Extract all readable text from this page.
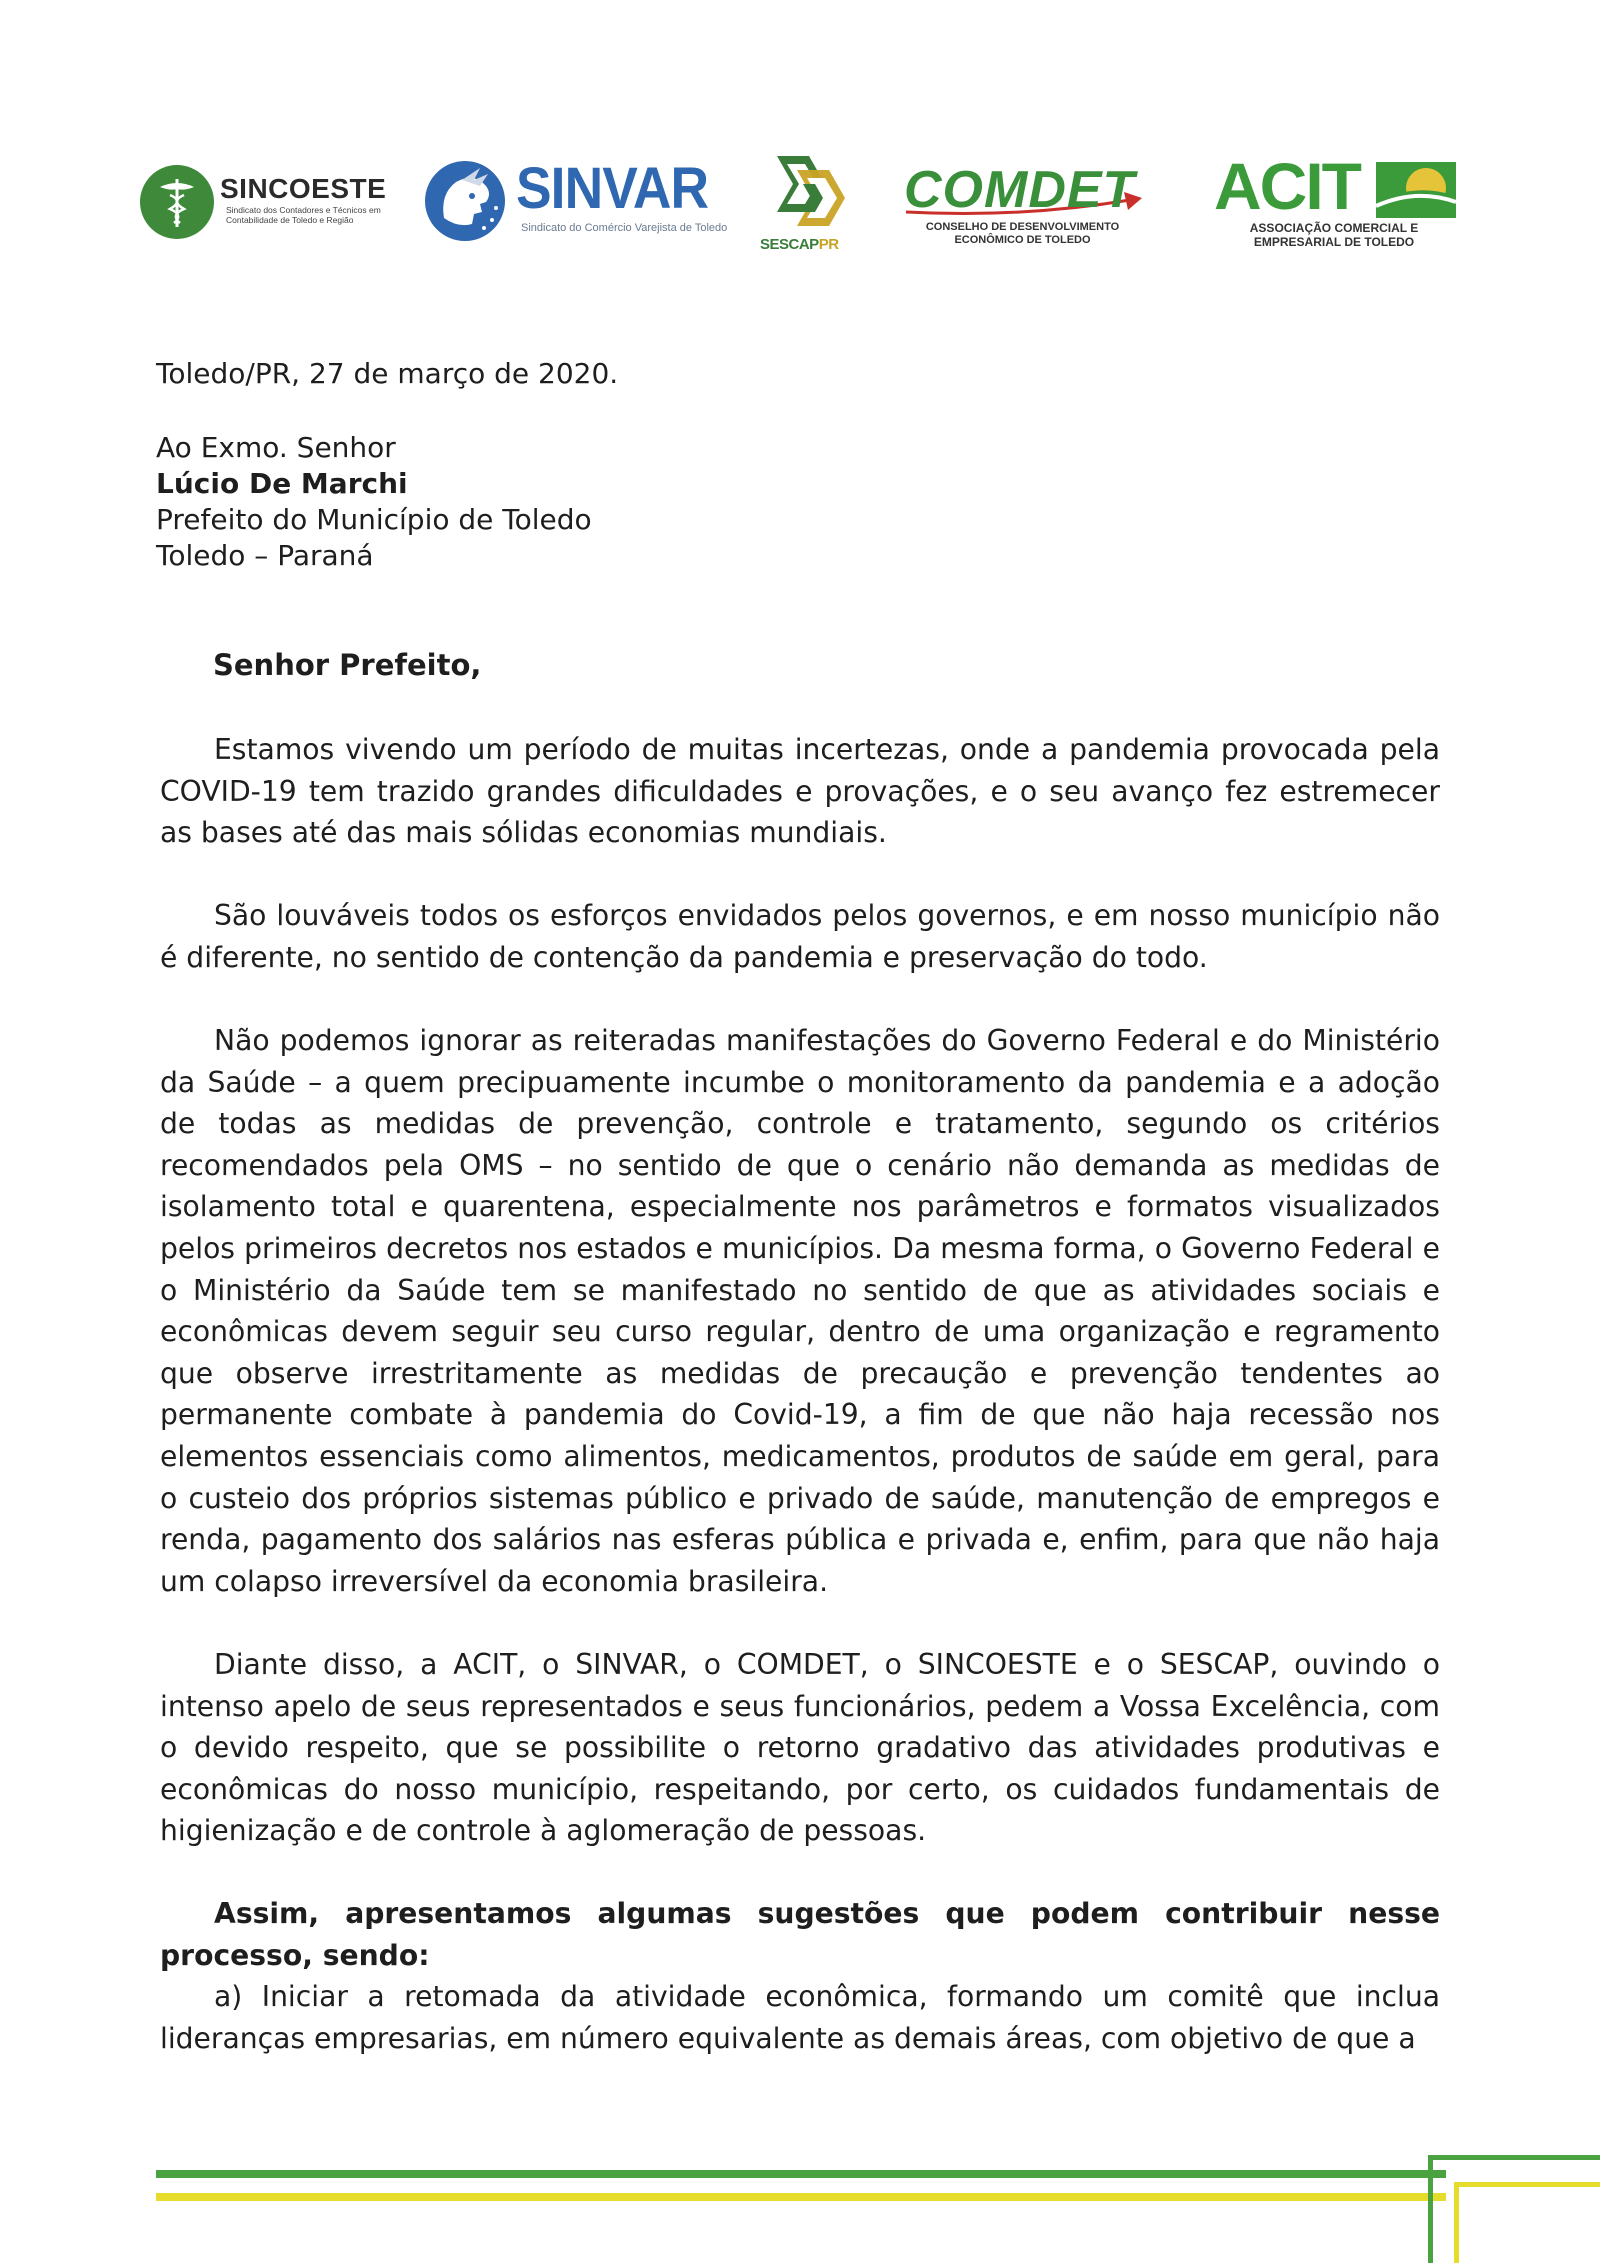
SINCOESTE
Sindicato dos Contadores e Técnicos em Contabilidade de Toledo e Região	SINVAR
Sindicato do Comércio Varejista de Toledo
SESCAPPR
COMDET
CONSELHO DE DESENVOLVIMENTO ECONÔMICO DE TOLEDO
ACIT
ASSOCIAÇÃO COMERCIAL E EMPRESARIAL DE TOLEDO
Toledo/PR, 27 de março de 2020.
Ao Exmo. Senhor
Lúcio De Marchi
Prefeito do Município de Toledo
Toledo – Paraná
Senhor Prefeito,
Estamos vivendo um período de muitas incertezas, onde a pandemia provocada pela COVID-19 tem trazido grandes dificuldades e provações, e o seu avanço fez estremecer as bases até das mais sólidas economias mundiais.
São louváveis todos os esforços envidados pelos governos, e em nosso município não é diferente, no sentido de contenção da pandemia e preservação do todo.
Não podemos ignorar as reiteradas manifestações do Governo Federal e do Ministério da Saúde – a quem precipuamente incumbe o monitoramento da pandemia e a adoção de todas as medidas de prevenção, controle e tratamento, segundo os critérios recomendados pela OMS – no sentido de que o cenário não demanda as medidas de isolamento total e quarentena, especialmente nos parâmetros e formatos visualizados pelos primeiros decretos nos estados e municípios. Da mesma forma, o Governo Federal e o Ministério da Saúde tem se manifestado no sentido de que as atividades sociais e econômicas devem seguir seu curso regular, dentro de uma organização e regramento que observe irrestritamente as medidas de precaução e prevenção tendentes ao permanente combate à pandemia do Covid-19, a fim de que não haja recessão nos elementos essenciais como alimentos, medicamentos, produtos de saúde em geral, para o custeio dos próprios sistemas público e privado de saúde, manutenção de empregos e renda, pagamento dos salários nas esferas pública e privada e, enfim, para que não haja um colapso irreversível da economia brasileira.
Diante disso, a ACIT, o SINVAR, o COMDET, o SINCOESTE e o SESCAP, ouvindo o intenso apelo de seus representados e seus funcionários, pedem a Vossa Excelência, com o devido respeito, que se possibilite o retorno gradativo das atividades produtivas e econômicas do nosso município, respeitando, por certo, os cuidados fundamentais de higienização e de controle à aglomeração de pessoas.
Assim, apresentamos algumas sugestões que podem contribuir nesse processo, sendo:
a) Iniciar a retomada da atividade econômica, formando um comitê que inclua lideranças empresarias, em número equivalente as demais áreas, com objetivo de que a
